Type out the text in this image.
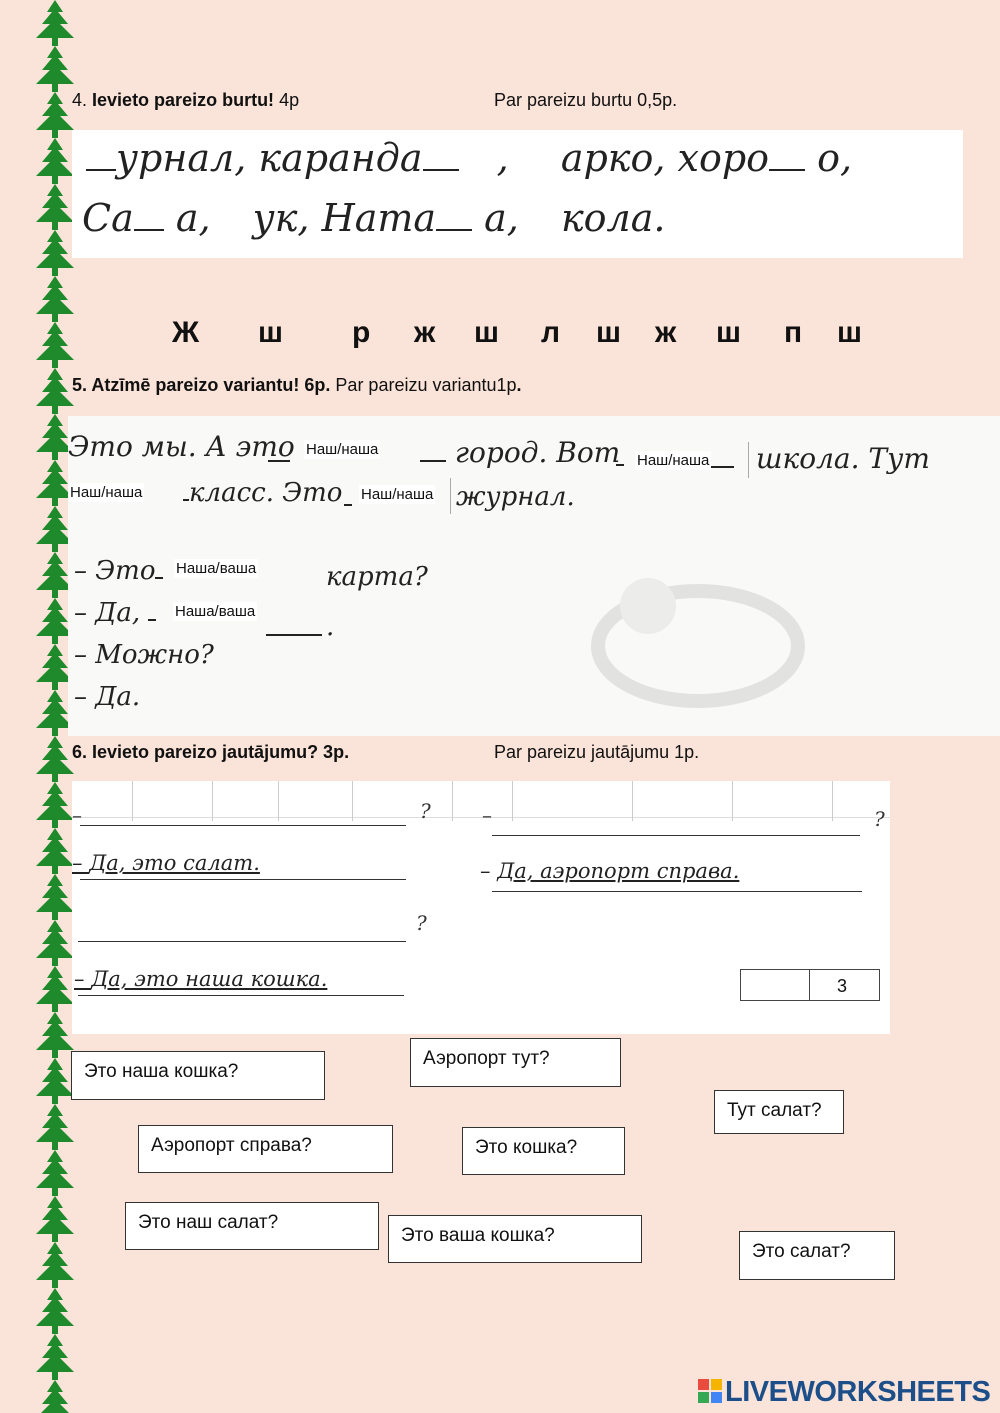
4. Ievieto pareizo burtu! 4p	Par pareizu burtu 0,5p.
урнал, каранда , арко, хоро о,
Са а, ук, Ната а, кола.
Ж ш р ж ш л ш ж ш п ш
5. Atzīmē pareizo variantu! 6p. Par pareizu variantu1p.
Это мы. А это	город. Вот	школа. Тут
класс. Это	журнал.
– Это	карта?
– Да,	.
– Можно?
– Да.
Наш/наша
Наш/наша
Наш/наша	Наш/наша
Наша/ваша
Наша/ваша
6. Ievieto pareizo jautājumu? 3p.	Par pareizu jautājumu 1p.
–	?	–	?
– Да, это салат.	– Да, аэропорт справа.
?
– Да, это наша кошка.	3
Это наша кошка?
Аэропорт тут?
Тут салат?
Аэропорт справа?	Это кошка?
Это наш салат?
Это ваша кошка?
Это салат?
LIVEWORKSHEETS
